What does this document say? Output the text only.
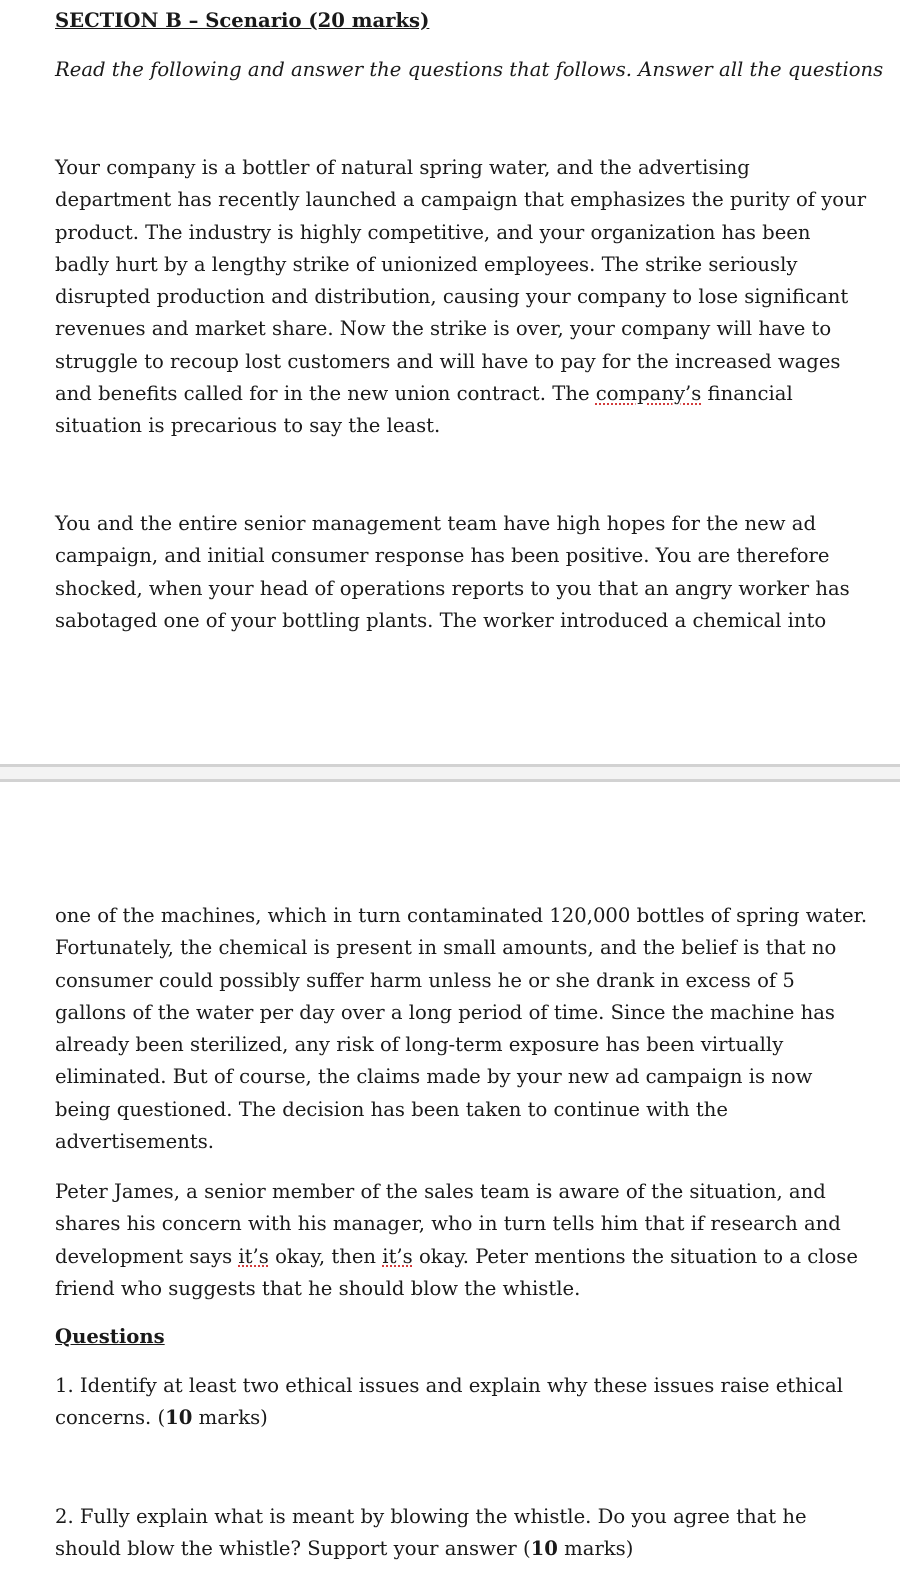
SECTION B – Scenario (20 marks)
Read the following and answer the questions that follows. Answer all the questions
Your company is a bottler of natural spring water, and the advertising
department has recently launched a campaign that emphasizes the purity of your
product. The industry is highly competitive, and your organization has been
badly hurt by a lengthy strike of unionized employees. The strike seriously
disrupted production and distribution, causing your company to lose significant
revenues and market share. Now the strike is over, your company will have to
struggle to recoup lost customers and will have to pay for the increased wages
and benefits called for in the new union contract. The company’s financial
situation is precarious to say the least.
You and the entire senior management team have high hopes for the new ad
campaign, and initial consumer response has been positive. You are therefore
shocked, when your head of operations reports to you that an angry worker has
sabotaged one of your bottling plants. The worker introduced a chemical into
one of the machines, which in turn contaminated 120,000 bottles of spring water.
Fortunately, the chemical is present in small amounts, and the belief is that no
consumer could possibly suffer harm unless he or she drank in excess of 5
gallons of the water per day over a long period of time. Since the machine has
already been sterilized, any risk of long-term exposure has been virtually
eliminated. But of course, the claims made by your new ad campaign is now
being questioned. The decision has been taken to continue with the
advertisements.
Peter James, a senior member of the sales team is aware of the situation, and
shares his concern with his manager, who in turn tells him that if research and
development says it’s okay, then it’s okay. Peter mentions the situation to a close
friend who suggests that he should blow the whistle.
Questions
1. Identify at least two ethical issues and explain why these issues raise ethical
concerns. (10 marks)
2. Fully explain what is meant by blowing the whistle. Do you agree that he
should blow the whistle? Support your answer (10 marks)
